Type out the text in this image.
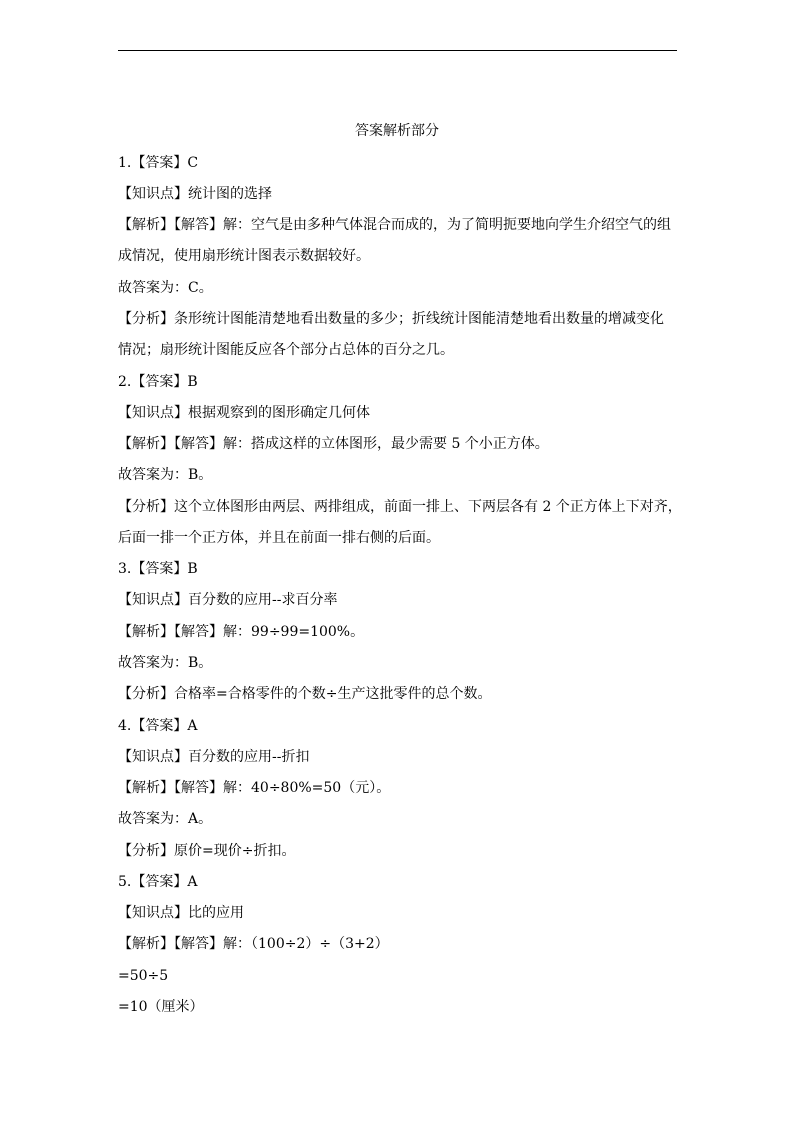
答案解析部分
1.【答案】C
【知识点】统计图的选择
【解析】【解答】解：空气是由多种气体混合而成的，为了简明扼要地向学生介绍空气的组
成情况，使用扇形统计图表示数据较好。
故答案为：C。
【分析】条形统计图能清楚地看出数量的多少；折线统计图能清楚地看出数量的增减变化
情况；扇形统计图能反应各个部分占总体的百分之几。
2.【答案】B
【知识点】根据观察到的图形确定几何体
【解析】【解答】解：搭成这样的立体图形，最少需要 5 个小正方体。
故答案为：B。
【分析】这个立体图形由两层、两排组成，前面一排上、下两层各有 2 个正方体上下对齐，
后面一排一个正方体，并且在前面一排右侧的后面。
3.【答案】B
【知识点】百分数的应用--求百分率
【解析】【解答】解：99÷99=100%。
故答案为：B。
【分析】合格率=合格零件的个数÷生产这批零件的总个数。
4.【答案】A
【知识点】百分数的应用--折扣
【解析】【解答】解：40÷80%=50（元）。
故答案为：A。
【分析】原价=现价÷折扣。
5.【答案】A
【知识点】比的应用
【解析】【解答】解：（100÷2）÷（3+2）
=50÷5
=10（厘米）
